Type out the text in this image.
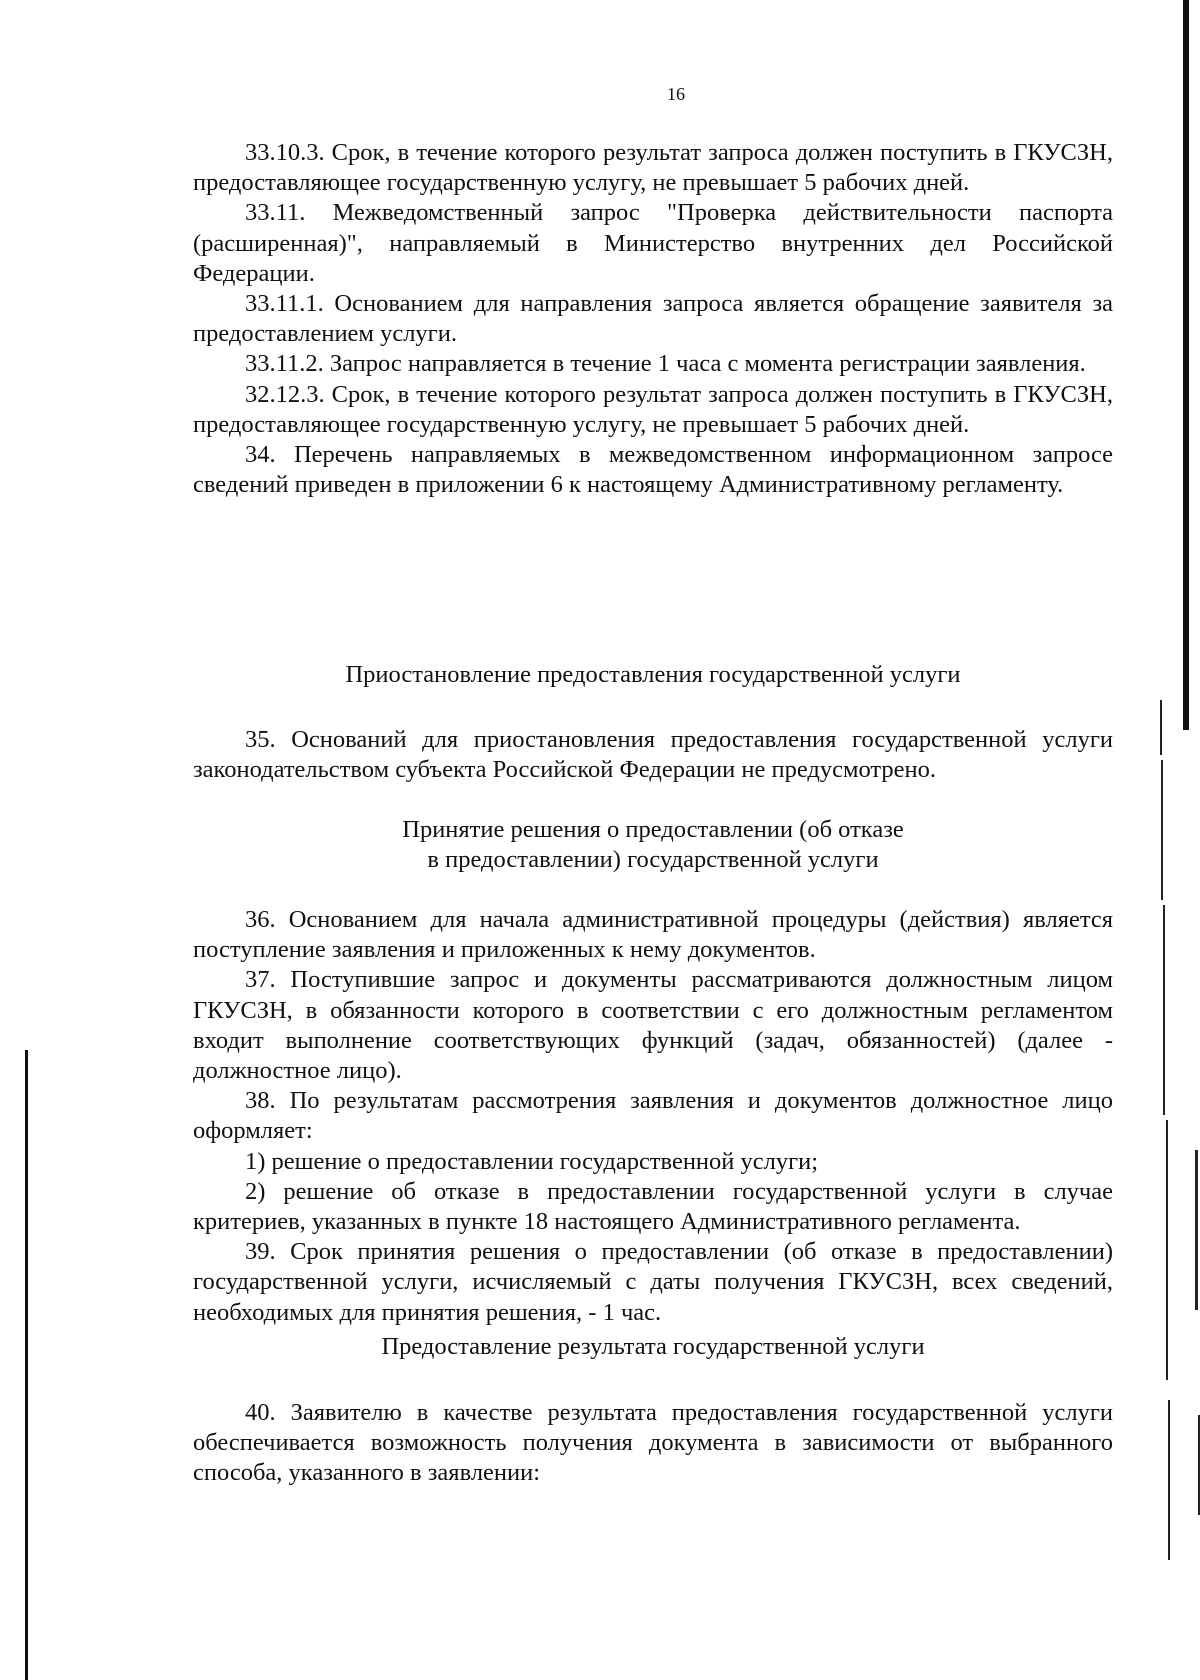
16

33.10.3. Срок, в течение которого результат запроса должен поступить в ГКУСЗН, предоставляющее государственную услугу, не превышает 5 рабочих дней.

33.11. Межведомственный запрос "Проверка действительности паспорта (расширенная)", направляемый в Министерство внутренних дел Российской Федерации.

33.11.1. Основанием для направления запроса является обращение заявителя за предоставлением услуги.

33.11.2. Запрос направляется в течение 1 часа с момента регистрации заявления.

32.12.3. Срок, в течение которого результат запроса должен поступить в ГКУСЗН, предоставляющее государственную услугу, не превышает 5 рабочих дней.

34. Перечень направляемых в межведомственном информационном запросе сведений приведен в приложении 6 к настоящему Административному регламенту.

Приостановление предоставления государственной услуги

35. Оснований для приостановления предоставления государственной услуги законодательством субъекта Российской Федерации не предусмотрено.

Принятие решения о предоставлении (об отказе

в предоставлении) государственной услуги

36. Основанием для начала административной процедуры (действия) является поступление заявления и приложенных к нему документов.

37. Поступившие запрос и документы рассматриваются должностным лицом ГКУСЗН, в обязанности которого в соответствии с его должностным регламентом входит выполнение соответствующих функций (задач, обязанностей) (далее - должностное лицо).

38. По результатам рассмотрения заявления и документов должностное лицо оформляет:

1) решение о предоставлении государственной услуги;

2) решение об отказе в предоставлении государственной услуги в случае критериев, указанных в пункте 18 настоящего Административного регламента.

39. Срок принятия решения о предоставлении (об отказе в предоставлении) государственной услуги, исчисляемый с даты получения ГКУСЗН, всех сведений, необходимых для принятия решения, - 1 час.

Предоставление результата государственной услуги

40. Заявителю в качестве результата предоставления государственной услуги обеспечивается возможность получения документа в зависимости от выбранного способа, указанного в заявлении:
